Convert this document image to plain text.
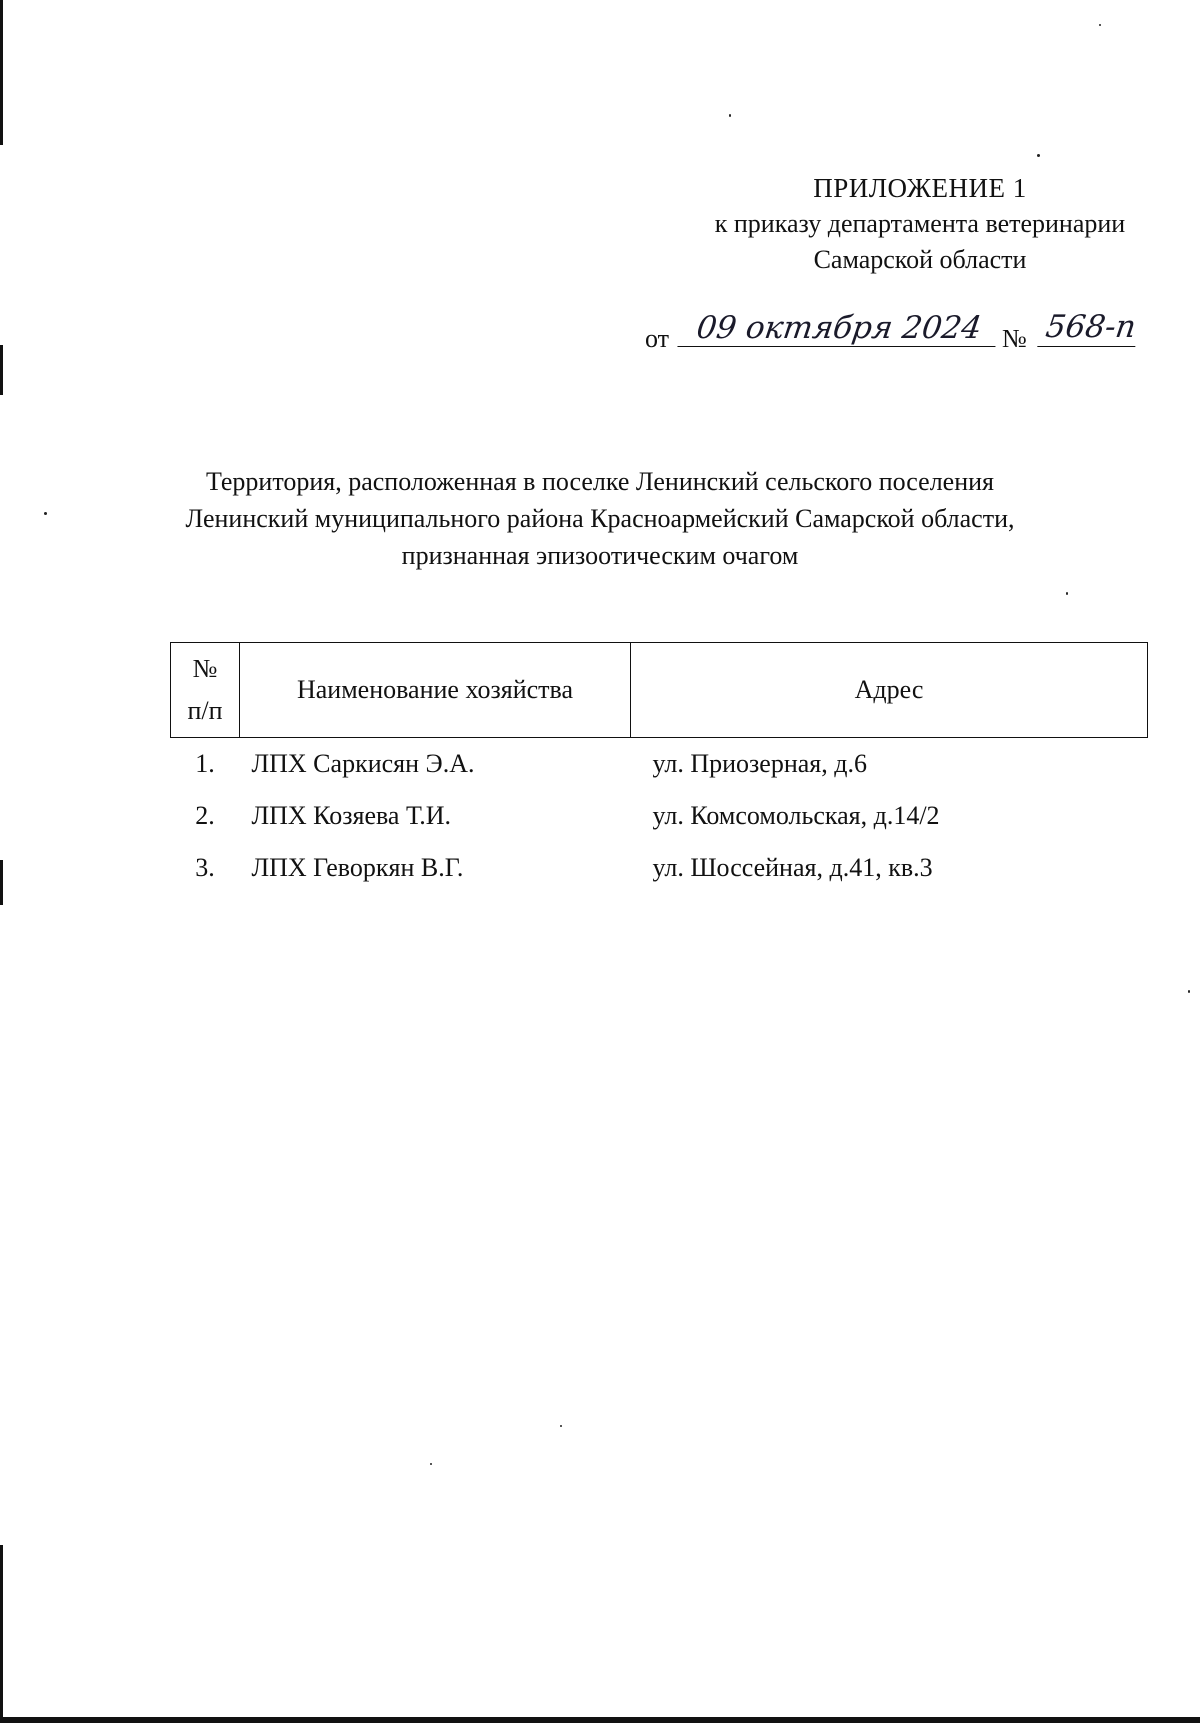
ПРИЛОЖЕНИЕ 1
к приказу департамента ветеринарии
Самарской области
от 09 октября 2024 № 568-п
Территория, расположенная в поселке Ленинский сельского поселения
Ленинский муниципального района Красноармейский Самарской области,
признанная эпизоотическим очагом
№
п/п	Наименование хозяйства	Адрес
1.	ЛПХ Саркисян Э.А.	ул. Приозерная, д.6
2.	ЛПХ Козяева Т.И.	ул. Комсомольская, д.14/2
3.	ЛПХ Геворкян В.Г.	ул. Шоссейная, д.41, кв.3
